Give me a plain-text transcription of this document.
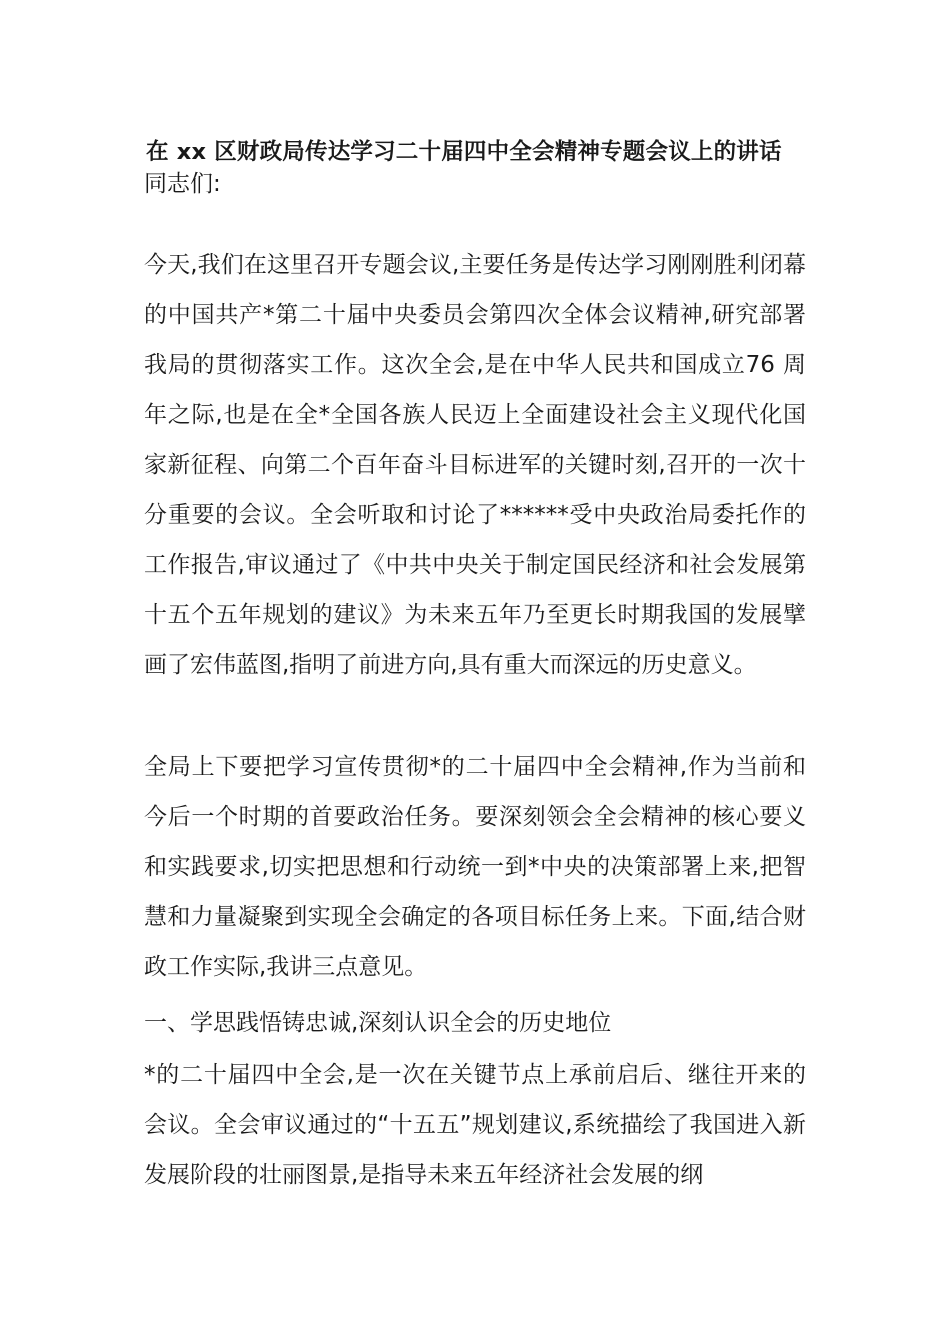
在 xx 区财政局传达学习二十届四中全会精神专题会议上的讲话
同志们:
今天,我们在这里召开专题会议,主要任务是传达学习刚刚胜利闭幕的中国共产*第二十届中央委员会第四次全体会议精神,研究部署我局的贯彻落实工作。这次全会,是在中华人民共和国成立76 周年之际,也是在全*全国各族人民迈上全面建设社会主义现代化国家新征程、向第二个百年奋斗目标进军的关键时刻,召开的一次十分重要的会议。全会听取和讨论了******受中央政治局委托作的工作报告,审议通过了《中共中央关于制定国民经济和社会发展第十五个五年规划的建议》为未来五年乃至更长时期我国的发展擘画了宏伟蓝图,指明了前进方向,具有重大而深远的历史意义。
全局上下要把学习宣传贯彻*的二十届四中全会精神,作为当前和今后一个时期的首要政治任务。要深刻领会全会精神的核心要义和实践要求,切实把思想和行动统一到*中央的决策部署上来,把智慧和力量凝聚到实现全会确定的各项目标任务上来。下面,结合财政工作实际,我讲三点意见。
一、学思践悟铸忠诚,深刻认识全会的历史地位
*的二十届四中全会,是一次在关键节点上承前启后、继往开来的会议。全会审议通过的“十五五”规划建议,系统描绘了我国进入新发展阶段的壮丽图景,是指导未来五年经济社会发展的纲
